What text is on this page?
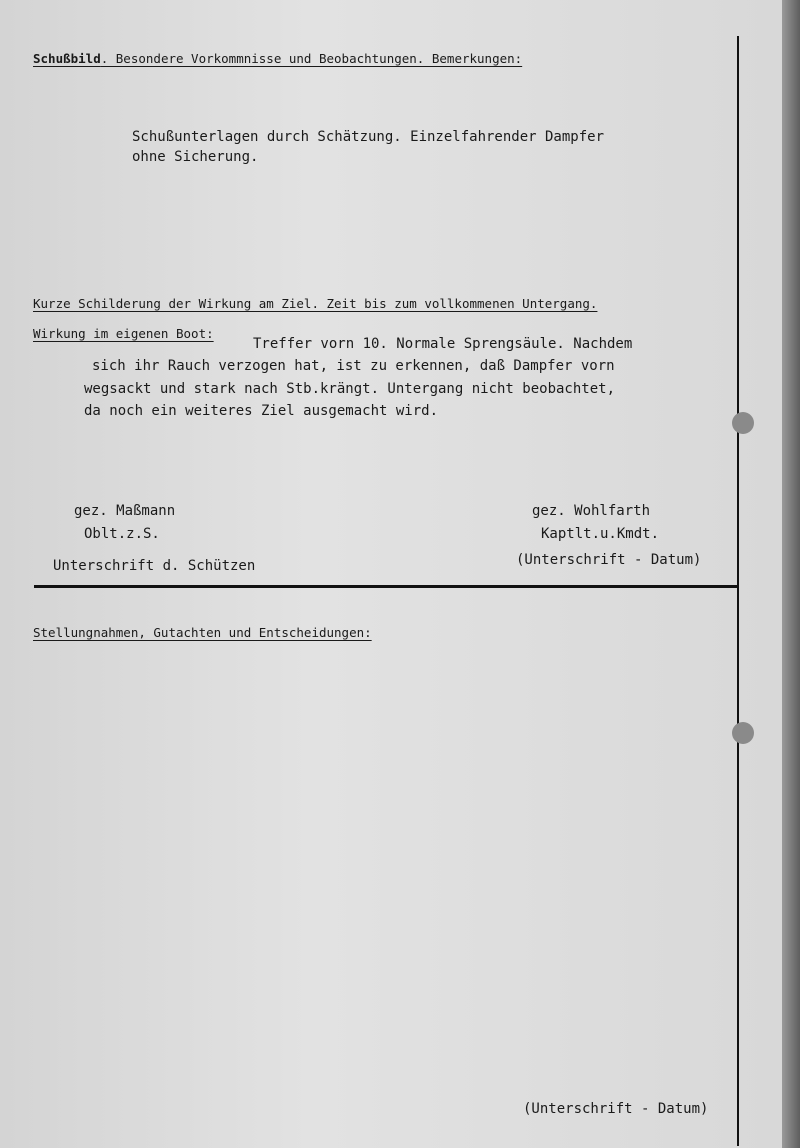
Schußbild. Besondere Vorkommnisse und Beobachtungen. Bemerkungen:
Schußunterlagen durch Schätzung. Einzelfahrender Dampfer
ohne Sicherung.
Kurze Schilderung der Wirkung am Ziel. Zeit bis zum vollkommenen Untergang.
Wirkung im eigenen Boot:
Treffer vorn 10. Normale Sprengsäule. Nachdem
sich ihr Rauch verzogen hat, ist zu erkennen, daß Dampfer vorn
wegsackt und stark nach Stb.krängt. Untergang nicht beobachtet,
da noch ein weiteres Ziel ausgemacht wird.
gez. Maßmann
Oblt.z.S.
Unterschrift d. Schützen
gez. Wohlfarth
Kaptlt.u.Kmdt.
(Unterschrift - Datum)
Stellungnahmen, Gutachten und Entscheidungen:
(Unterschrift - Datum)
